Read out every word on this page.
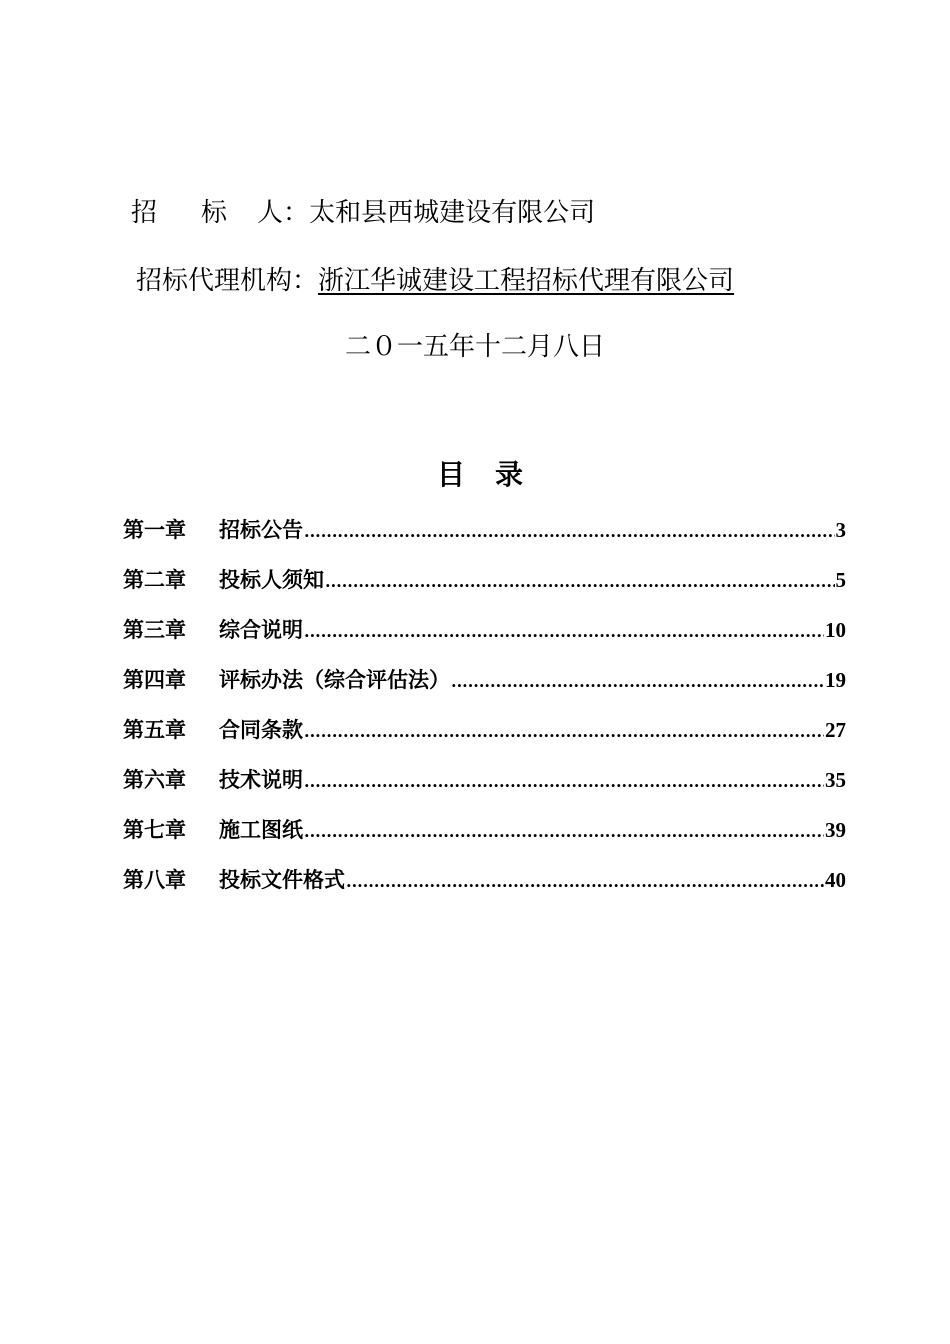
招 标 人：太和县西城建设有限公司
招标代理机构：浙江华诚建设工程招标代理有限公司
二０一五年十二月八日
目录
第一章	招标公告 .....	3
第二章	投标人须知 .....	5
第三章	综合说明 .....	10
第四章	评标办法（综合评估法） .....	19
第五章	合同条款 .....	27
第六章	技术说明 .....	35
第七章	施工图纸 .....	39
第八章	投标文件格式 .....	40
